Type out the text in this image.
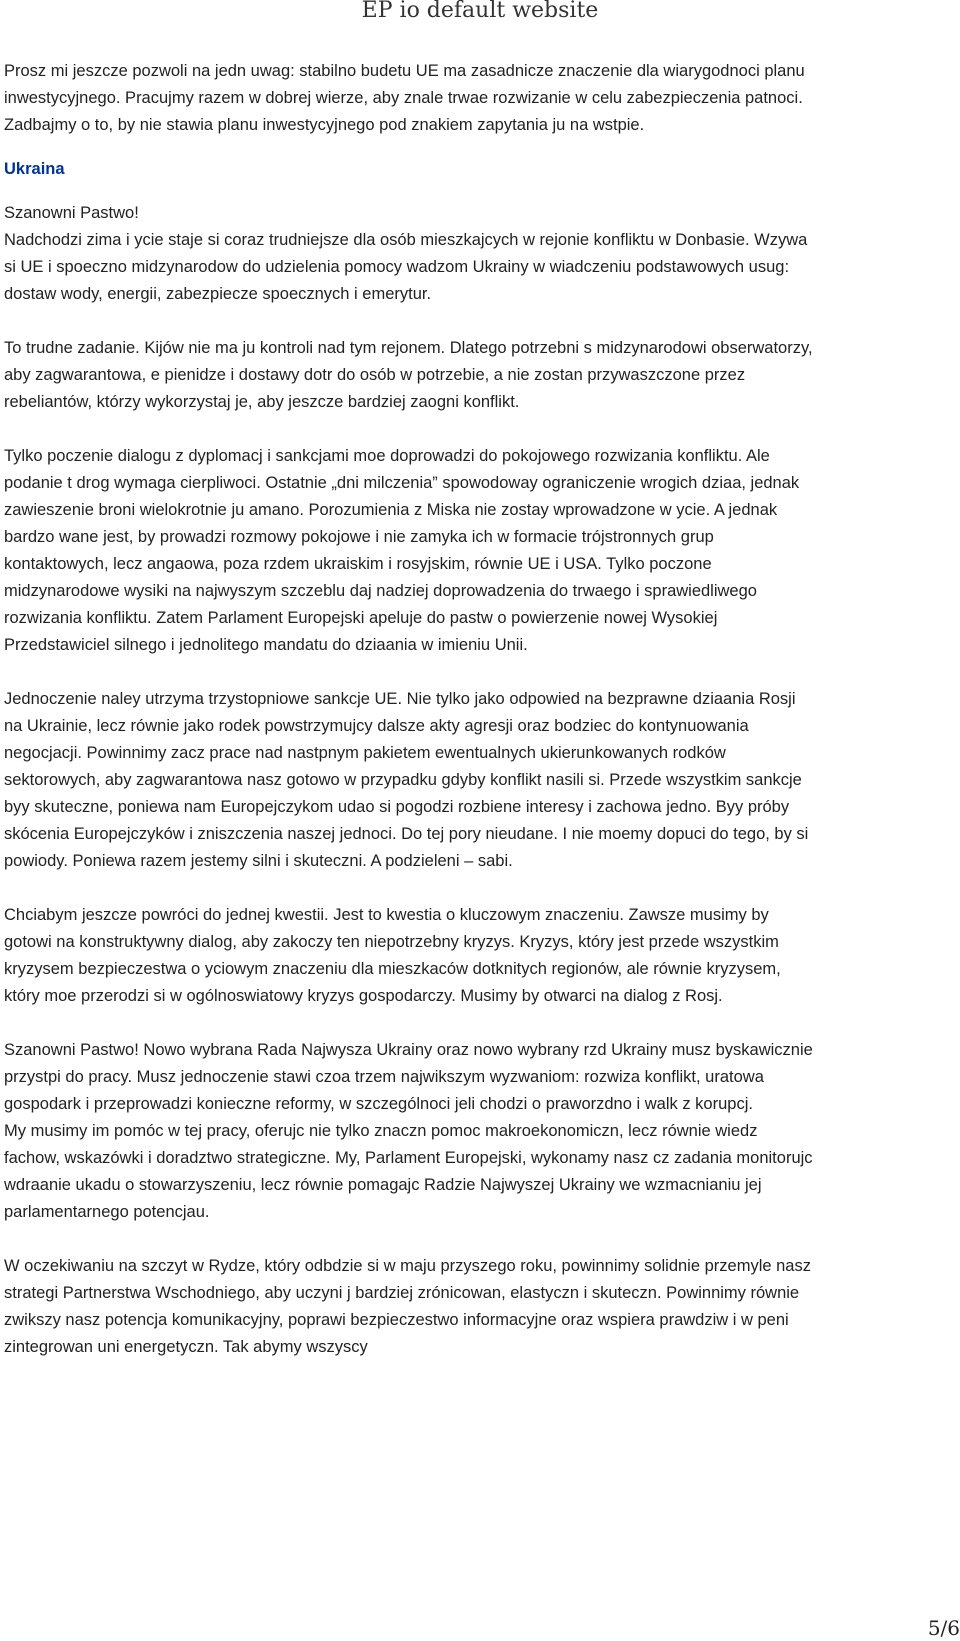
EP io default website

Prosz mi jeszcze pozwoli na jedn uwag: stabilno budetu UE ma zasadnicze znaczenie dla wiarygodnoci planu inwestycyjnego. Pracujmy razem w dobrej wierze, aby znale trwae rozwizanie w celu zabezpieczenia patnoci. Zadbajmy o to, by nie stawia planu inwestycyjnego pod znakiem zapytania ju na wstpie.

Ukraina

Szanowni Pastwo!

Nadchodzi zima i ycie staje si coraz trudniejsze dla osób mieszkajcych w rejonie konfliktu w Donbasie. Wzywa si UE i spoeczno midzynarodow do udzielenia pomocy wadzom Ukrainy w wiadczeniu podstawowych usug: dostaw wody, energii, zabezpiecze spoecznych i emerytur.

To trudne zadanie. Kijów nie ma ju kontroli nad tym rejonem. Dlatego potrzebni s midzynarodowi obserwatorzy, aby zagwarantowa, e pienidze i dostawy dotr do osób w potrzebie, a nie zostan przywaszczone przez rebeliantów, którzy wykorzystaj je, aby jeszcze bardziej zaogni konflikt.

Tylko poczenie dialogu z dyplomacj i sankcjami moe doprowadzi do pokojowego rozwizania konfliktu. Ale podanie t drog wymaga cierpliwoci. Ostatnie „dni milczenia” spowodoway ograniczenie wrogich dziaa, jednak zawieszenie broni wielokrotnie ju amano. Porozumienia z Miska nie zostay wprowadzone w ycie. A jednak bardzo wane jest, by prowadzi rozmowy pokojowe i nie zamyka ich w formacie trójstronnych grup kontaktowych, lecz angaowa, poza rzdem ukraiskim i rosyjskim, równie UE i USA. Tylko poczone midzynarodowe wysiki na najwyszym szczeblu daj nadziej doprowadzenia do trwaego i sprawiedliwego rozwizania konfliktu. Zatem Parlament Europejski apeluje do pastw o powierzenie nowej Wysokiej Przedstawiciel silnego i jednolitego mandatu do dziaania w imieniu Unii.

Jednoczenie naley utrzyma trzystopniowe sankcje UE. Nie tylko jako odpowied na bezprawne dziaania Rosji na Ukrainie, lecz równie jako rodek powstrzymujcy dalsze akty agresji oraz bodziec do kontynuowania negocjacji. Powinnimy zacz prace nad nastpnym pakietem ewentualnych ukierunkowanych rodków sektorowych, aby zagwarantowa nasz gotowo w przypadku gdyby konflikt nasili si. Przede wszystkim sankcje byy skuteczne, poniewa nam Europejczykom udao si pogodzi rozbiene interesy i zachowa jedno. Byy próby skócenia Europejczyków i zniszczenia naszej jednoci. Do tej pory nieudane. I nie moemy dopuci do tego, by si powiody. Poniewa razem jestemy silni i skuteczni. A podzieleni – sabi.

Chciabym jeszcze powróci do jednej kwestii. Jest to kwestia o kluczowym znaczeniu. Zawsze musimy by gotowi na konstruktywny dialog, aby zakoczy ten niepotrzebny kryzys. Kryzys, który jest przede wszystkim kryzysem bezpieczestwa o yciowym znaczeniu dla mieszkaców dotknitych regionów, ale równie kryzysem, który moe przerodzi si w ogólnoswiatowy kryzys gospodarczy. Musimy by otwarci na dialog z Rosj.

Szanowni Pastwo! Nowo wybrana Rada Najwysza Ukrainy oraz nowo wybrany rzd Ukrainy musz byskawicznie przystpi do pracy. Musz jednoczenie stawi czoa trzem najwikszym wyzwaniom: rozwiza konflikt, uratowa gospodark i przeprowadzi konieczne reformy, w szczególnoci jeli chodzi o praworzdno i walk z korupcj.

My musimy im pomóc w tej pracy, oferujc nie tylko znaczn pomoc makroekonomiczn, lecz równie wiedz fachow, wskazówki i doradztwo strategiczne. My, Parlament Europejski, wykonamy nasz cz zadania monitorujc wdraanie ukadu o stowarzyszeniu, lecz równie pomagajc Radzie Najwyszej Ukrainy we wzmacnianiu jej parlamentarnego potencjau.

W oczekiwaniu na szczyt w Rydze, który odbdzie si w maju przyszego roku, powinnimy solidnie przemyle nasz strategi Partnerstwa Wschodniego, aby uczyni j bardziej zrónicowan, elastyczn i skuteczn. Powinnimy równie zwikszy nasz potencja komunikacyjny, poprawi bezpieczestwo informacyjne oraz wspiera prawdziw i w peni zintegrowan uni energetyczn. Tak abymy wszyscy

5/6
